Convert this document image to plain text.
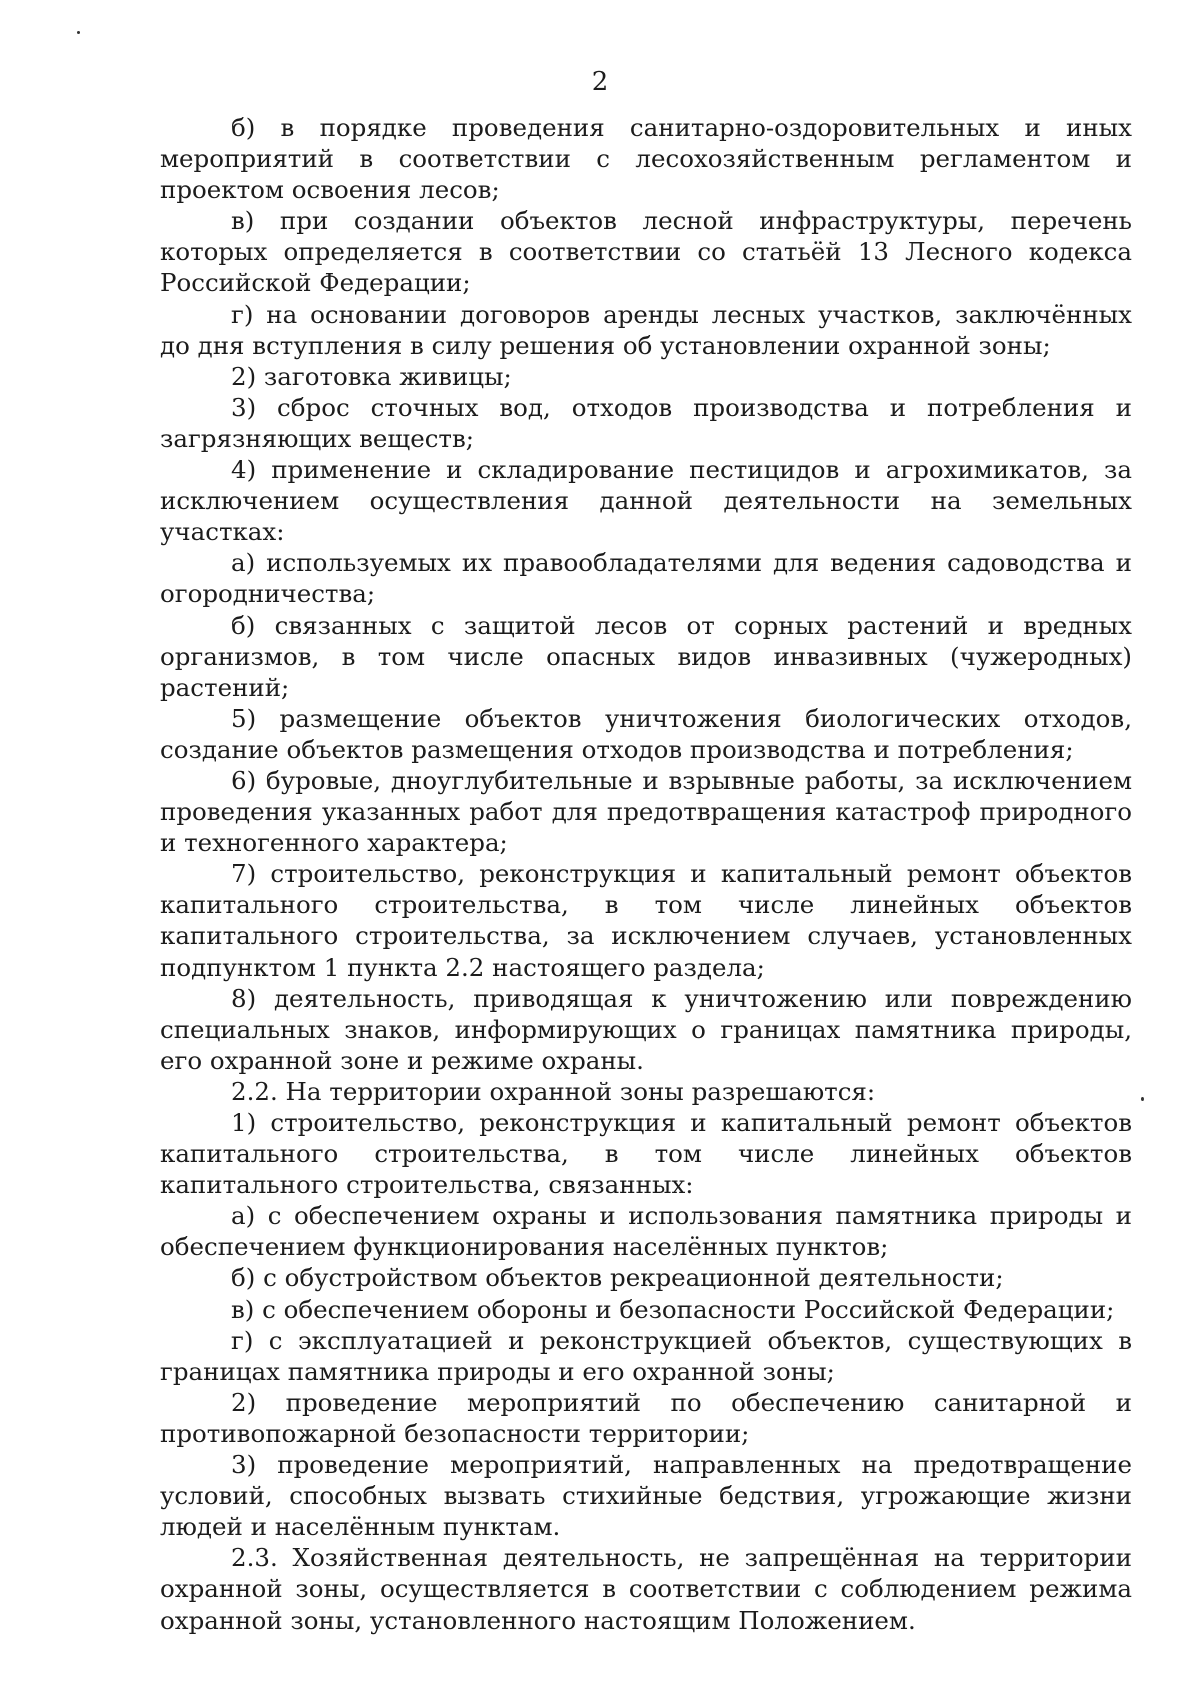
2

б) в порядке проведения санитарно-оздоровительных и иных мероприятий в соответствии с лесохозяйственным регламентом и проектом освоения лесов;

в) при создании объектов лесной инфраструктуры, перечень которых определяется в соответствии со статьёй 13 Лесного кодекса Российской Федерации;

г) на основании договоров аренды лесных участков, заключённых до дня вступления в силу решения об установлении охранной зоны;

2) заготовка живицы;

3) сброс сточных вод, отходов производства и потребления и загрязняющих веществ;

4) применение и складирование пестицидов и агрохимикатов, за исключением осуществления данной деятельности на земельных участках:

а) используемых их правообладателями для ведения садоводства и огородничества;

б) связанных с защитой лесов от сорных растений и вредных организмов, в том числе опасных видов инвазивных (чужеродных) растений;

5) размещение объектов уничтожения биологических отходов, создание объектов размещения отходов производства и потребления;

6) буровые, дноуглубительные и взрывные работы, за исключением проведения указанных работ для предотвращения катастроф природного и техногенного характера;

7) строительство, реконструкция и капитальный ремонт объектов капитального строительства, в том числе линейных объектов капитального строительства, за исключением случаев, установленных подпунктом 1 пункта 2.2 настоящего раздела;

8) деятельность, приводящая к уничтожению или повреждению специальных знаков, информирующих о границах памятника природы, его охранной зоне и режиме охраны.

2.2. На территории охранной зоны разрешаются:

1) строительство, реконструкция и капитальный ремонт объектов капитального строительства, в том числе линейных объектов капитального строительства, связанных:

а) с обеспечением охраны и использования памятника природы и обеспечением функционирования населённых пунктов;

б) с обустройством объектов рекреационной деятельности;

в) с обеспечением обороны и безопасности Российской Федерации;

г) с эксплуатацией и реконструкцией объектов, существующих в границах памятника природы и его охранной зоны;

2) проведение мероприятий по обеспечению санитарной и противопожарной безопасности территории;

3) проведение мероприятий, направленных на предотвращение условий, способных вызвать стихийные бедствия, угрожающие жизни людей и населённым пунктам.

2.3. Хозяйственная деятельность, не запрещённая на территории охранной зоны, осуществляется в соответствии с соблюдением режима охранной зоны, установленного настоящим Положением.
